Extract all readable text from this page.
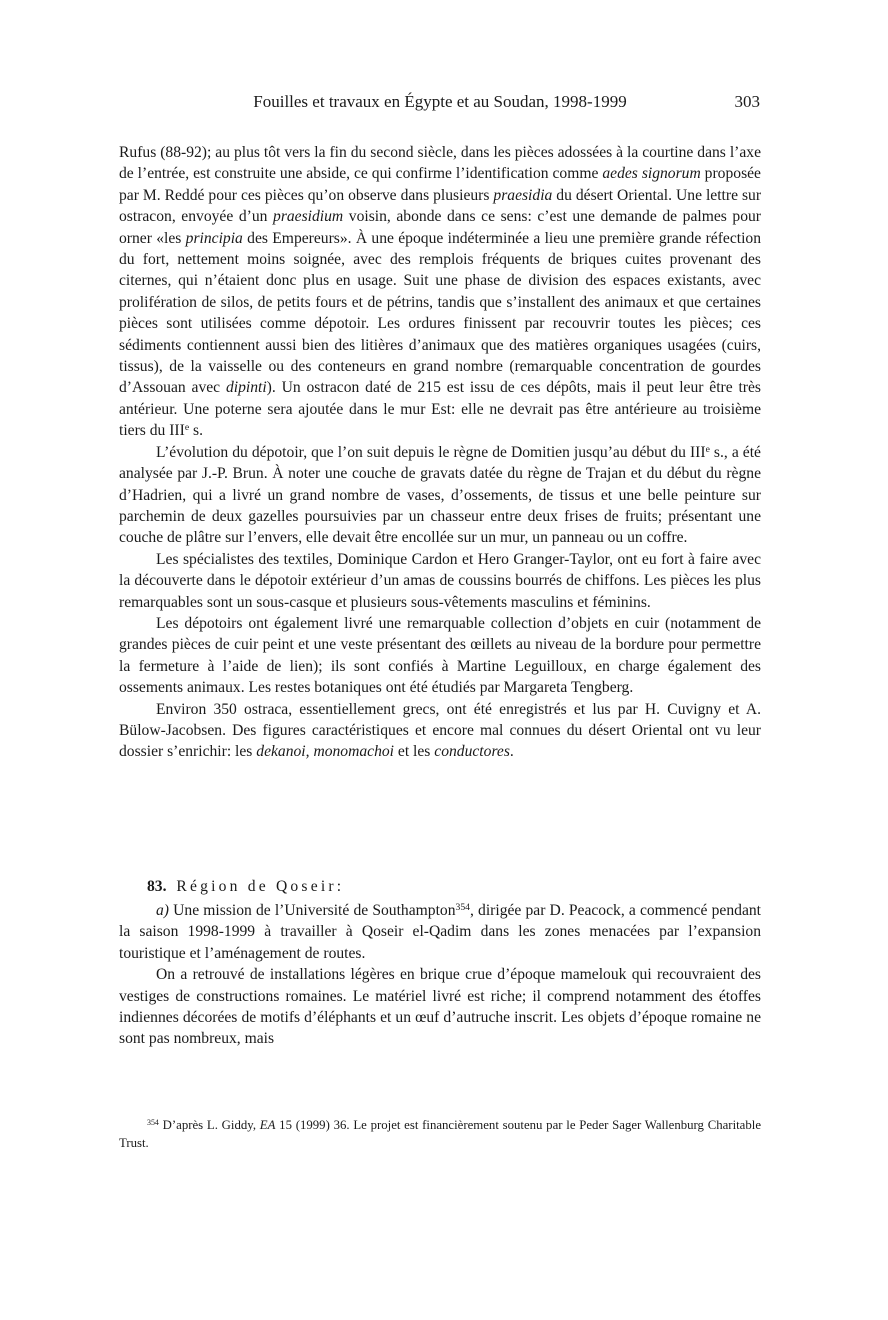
Fouilles et travaux en Égypte et au Soudan, 1998-1999	303

Rufus (88-92); au plus tôt vers la fin du second siècle, dans les pièces adossées à la courtine dans l’axe de l’entrée, est construite une abside, ce qui confirme l’identification comme aedes signorum proposée par M. Reddé pour ces pièces qu’on observe dans plusieurs praesidia du désert Oriental. Une lettre sur ostracon, envoyée d’un praesidium voisin, abonde dans ce sens: c’est une demande de palmes pour orner «les principia des Empereurs». À une époque indéterminée a lieu une première grande réfection du fort, nettement moins soignée, avec des remplois fréquents de briques cuites provenant des citernes, qui n’étaient donc plus en usage. Suit une phase de division des espaces existants, avec prolifération de silos, de petits fours et de pétrins, tandis que s’installent des animaux et que certaines pièces sont utilisées comme dépotoir. Les ordures finissent par recouvrir toutes les pièces; ces sédiments contiennent aussi bien des litières d’animaux que des matières organiques usagées (cuirs, tissus), de la vaisselle ou des conteneurs en grand nombre (remarquable concentration de gourdes d’Assouan avec dipinti). Un ostracon daté de 215 est issu de ces dépôts, mais il peut leur être très antérieur. Une poterne sera ajoutée dans le mur Est: elle ne devrait pas être antérieure au troisième tiers du IIIe s.

L’évolution du dépotoir, que l’on suit depuis le règne de Domitien jusqu’au début du IIIe s., a été analysée par J.-P. Brun. À noter une couche de gravats datée du règne de Trajan et du début du règne d’Hadrien, qui a livré un grand nombre de vases, d’ossements, de tissus et une belle peinture sur parchemin de deux gazelles poursuivies par un chasseur entre deux frises de fruits; présentant une couche de plâtre sur l’envers, elle devait être encollée sur un mur, un panneau ou un coffre.

Les spécialistes des textiles, Dominique Cardon et Hero Granger-Taylor, ont eu fort à faire avec la découverte dans le dépotoir extérieur d’un amas de coussins bourrés de chiffons. Les pièces les plus remarquables sont un sous-casque et plusieurs sous-vêtements masculins et féminins.

Les dépotoirs ont également livré une remarquable collection d’objets en cuir (notamment de grandes pièces de cuir peint et une veste présentant des œillets au niveau de la bordure pour permettre la fermeture à l’aide de lien); ils sont confiés à Martine Leguilloux, en charge également des ossements animaux. Les restes botaniques ont été étudiés par Margareta Tengberg.

Environ 350 ostraca, essentiellement grecs, ont été enregistrés et lus par H. Cuvigny et A. Bülow-Jacobsen. Des figures caractéristiques et encore mal connues du désert Oriental ont vu leur dossier s’enrichir: les dekanoi, monomachoi et les conductores.

83. Région de Qoseir:

a) Une mission de l’Université de Southampton$^{354}$, dirigée par D. Peacock, a commencé pendant la saison 1998-1999 à travailler à Qoseir el-Qadim dans les zones menacées par l’expansion touristique et l’aménagement de routes.

On a retrouvé de installations légères en brique crue d’époque mamelouk qui recouvraient des vestiges de constructions romaines. Le matériel livré est riche; il comprend notamment des étoffes indiennes décorées de motifs d’éléphants et un œuf d’autruche inscrit. Les objets d’époque romaine ne sont pas nombreux, mais

$^{354}$ D’après L. Giddy, EA 15 (1999) 36. Le projet est financièrement soutenu par le Peder Sager Wallenburg Charitable Trust.
